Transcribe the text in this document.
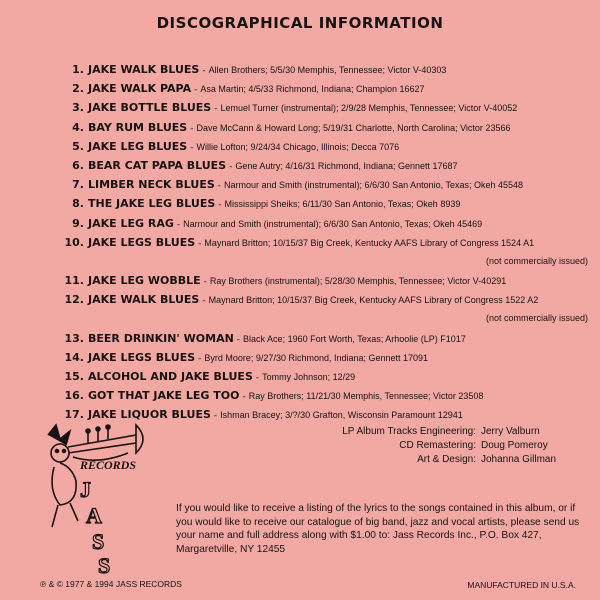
DISCOGRAPHICAL INFORMATION
1. JAKE WALK BLUES - Allen Brothers; 5/5/30 Memphis, Tennessee; Victor V-40303
2. JAKE WALK PAPA - Asa Martin; 4/5/33 Richmond, Indiana; Champion 16627
3. JAKE BOTTLE BLUES - Lemuel Turner (instrumental); 2/9/28 Memphis, Tennessee; Victor V-40052
4. BAY RUM BLUES - Dave McCann & Howard Long; 5/19/31 Charlotte, North Carolina; Victor 23566
5. JAKE LEG BLUES - Willie Lofton; 9/24/34 Chicago, Illinois; Decca 7076
6. BEAR CAT PAPA BLUES - Gene Autry; 4/16/31 Richmond, Indiana; Gennett 17687
7. LIMBER NECK BLUES - Narmour and Smith (instrumental); 6/6/30 San Antonio, Texas; Okeh 45548
8. THE JAKE LEG BLUES - Mississippi Sheiks; 6/11/30 San Antonio, Texas; Okeh 8939
9. JAKE LEG RAG - Narmour and Smith (instrumental); 6/6/30 San Antonio, Texas; Okeh 45469
10. JAKE LEGS BLUES - Maynard Britton; 10/15/37 Big Creek, Kentucky AAFS Library of Congress 1524 A1
(not commercially issued)
11. JAKE LEG WOBBLE - Ray Brothers (instrumental); 5/28/30 Memphis, Tennessee; Victor V-40291
12. JAKE WALK BLUES - Maynard Britton; 10/15/37 Big Creek, Kentucky AAFS Library of Congress 1522 A2
(not commercially issued)
13. BEER DRINKIN' WOMAN - Black Ace; 1960 Fort Worth, Texas; Arhoolie (LP) F1017
14. JAKE LEGS BLUES - Byrd Moore; 9/27/30 Richmond, Indiana; Gennett 17091
15. ALCOHOL AND JAKE BLUES - Tommy Johnson; 12/29
16. GOT THAT JAKE LEG TOO - Ray Brothers; 11/21/30 Memphis, Tennessee; Victor 23508
17. JAKE LIQUOR BLUES - Ishman Bracey; 3/?/30 Grafton, Wisconsin Paramount 12941
RECORDS
J A S S
LP Album Tracks Engineering: Jerry Valburn
CD Remastering: Doug Pomeroy
Art & Design: Johanna Gillman
If you would like to receive a listing of the lyrics to the songs contained in this album, or if you would like to receive our catalogue of big band, jazz and vocal artists, please send us your name and full address along with $1.00 to: Jass Records Inc., P.O. Box 427, Margaretville, NY 12455
℗ & © 1977 & 1994 JASS RECORDS	MANUFACTURED IN U.S.A.
